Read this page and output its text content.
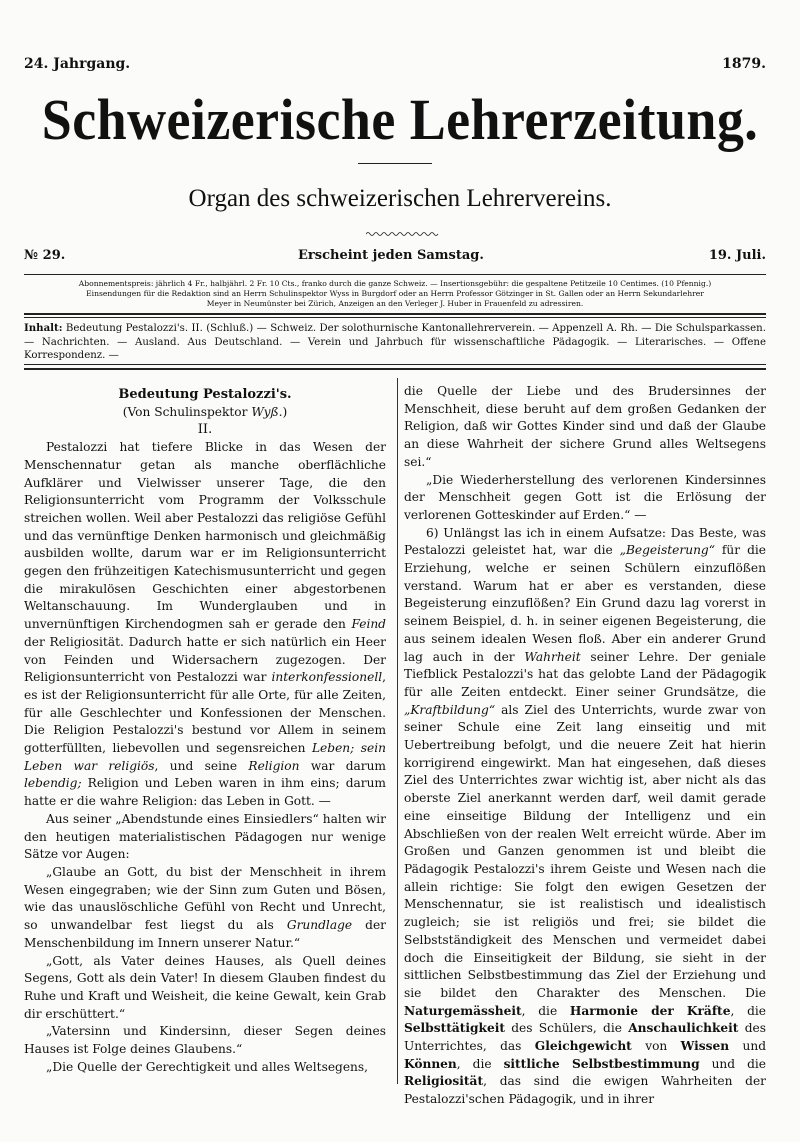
24. Jahrgang.	1879.
Schweizerische Lehrerzeitung.
Organ des schweizerischen Lehrervereins.
№ 29.	Erscheint jeden Samstag.	19. Juli.
Abonnementspreis: jährlich 4 Fr., halbjährl. 2 Fr. 10 Cts., franko durch die ganze Schweiz. — Insertionsgebühr: die gespaltene Petitzeile 10 Centimes. (10 Pfennig.)
Einsendungen für die Redaktion sind an Herrn Schulinspektor Wyss in Burgdorf oder an Herrn Professor Götzinger in St. Gallen oder an Herrn Sekundarlehrer
Meyer in Neumünster bei Zürich, Anzeigen an den Verleger J. Huber in Frauenfeld zu adressiren.
Inhalt: Bedeutung Pestalozzi's. II. (Schluß.) — Schweiz. Der solothurnische Kantonallehrerverein. — Appenzell A. Rh. — Die Schulsparkassen. — Nachrichten. — Ausland. Aus Deutschland. — Verein und Jahrbuch für wissenschaftliche Pädagogik. — Literarisches. — Offene Korrespondenz. —

Bedeutung Pestalozzi's.

(Von Schulinspektor Wyß.)

II.

Pestalozzi hat tiefere Blicke in das Wesen der Menschennatur getan als manche oberflächliche Aufklärer und Vielwisser unserer Tage, die den Religionsunterricht vom Programm der Volksschule streichen wollen. Weil aber Pestalozzi das religiöse Gefühl und das vernünftige Denken harmonisch und gleichmäßig ausbilden wollte, darum war er im Religionsunterricht gegen den frühzeitigen Katechismusunterricht und gegen die mirakulösen Geschichten einer abgestorbenen Weltanschauung. Im Wunderglauben und in unvernünftigen Kirchendogmen sah er gerade den Feind der Religiosität. Dadurch hatte er sich natürlich ein Heer von Feinden und Widersachern zugezogen. Der Religionsunterricht von Pestalozzi war interkonfessionell, es ist der Religionsunterricht für alle Orte, für alle Zeiten, für alle Geschlechter und Konfessionen der Menschen. Die Religion Pestalozzi's bestund vor Allem in seinem gotterfüllten, liebevollen und segensreichen Leben; sein Leben war religiös, und seine Religion war darum lebendig; Religion und Leben waren in ihm eins; darum hatte er die wahre Religion: das Leben in Gott. —

Aus seiner „Abendstunde eines Einsiedlers“ halten wir den heutigen materialistischen Pädagogen nur wenige Sätze vor Augen:

„Glaube an Gott, du bist der Menschheit in ihrem Wesen eingegraben; wie der Sinn zum Guten und Bösen, wie das unauslöschliche Gefühl von Recht und Unrecht, so unwandelbar fest liegst du als Grundlage der Menschenbildung im Innern unserer Natur.“

„Gott, als Vater deines Hauses, als Quell deines Segens, Gott als dein Vater! In diesem Glauben findest du Ruhe und Kraft und Weisheit, die keine Gewalt, kein Grab dir erschüttert.“

„Vatersinn und Kindersinn, dieser Segen deines Hauses ist Folge deines Glaubens.“

„Die Quelle der Gerechtigkeit und alles Weltsegens,

die Quelle der Liebe und des Brudersinnes der Menschheit, diese beruht auf dem großen Gedanken der Religion, daß wir Gottes Kinder sind und daß der Glaube an diese Wahrheit der sichere Grund alles Weltsegens sei.“

„Die Wiederherstellung des verlorenen Kindersinnes der Menschheit gegen Gott ist die Erlösung der verlorenen Gotteskinder auf Erden.“ —

6) Unlängst las ich in einem Aufsatze: Das Beste, was Pestalozzi geleistet hat, war die „Begeisterung“ für die Erziehung, welche er seinen Schülern einzuflößen verstand. Warum hat er aber es verstanden, diese Begeisterung einzuflößen? Ein Grund dazu lag vorerst in seinem Beispiel, d. h. in seiner eigenen Begeisterung, die aus seinem idealen Wesen floß. Aber ein anderer Grund lag auch in der Wahrheit seiner Lehre. Der geniale Tiefblick Pestalozzi's hat das gelobte Land der Pädagogik für alle Zeiten entdeckt. Einer seiner Grundsätze, die „Kraftbildung“ als Ziel des Unterrichts, wurde zwar von seiner Schule eine Zeit lang einseitig und mit Uebertreibung befolgt, und die neuere Zeit hat hierin korrigirend eingewirkt. Man hat eingesehen, daß dieses Ziel des Unterrichtes zwar wichtig ist, aber nicht als das oberste Ziel anerkannt werden darf, weil damit gerade eine einseitige Bildung der Intelligenz und ein Abschließen von der realen Welt erreicht würde. Aber im Großen und Ganzen genommen ist und bleibt die Pädagogik Pestalozzi's ihrem Geiste und Wesen nach die allein richtige: Sie folgt den ewigen Gesetzen der Menschennatur, sie ist realistisch und idealistisch zugleich; sie ist religiös und frei; sie bildet die Selbstständigkeit des Menschen und vermeidet dabei doch die Einseitigkeit der Bildung, sie sieht in der sittlichen Selbstbestimmung das Ziel der Erziehung und sie bildet den Charakter des Menschen. Die Naturgemässheit, die Harmonie der Kräfte, die Selbsttätigkeit des Schülers, die Anschaulichkeit des Unterrichtes, das Gleichgewicht von Wissen und Können, die sittliche Selbstbestimmung und die Religiosität, das sind die ewigen Wahrheiten der Pestalozzi'schen Pädagogik, und in ihrer
